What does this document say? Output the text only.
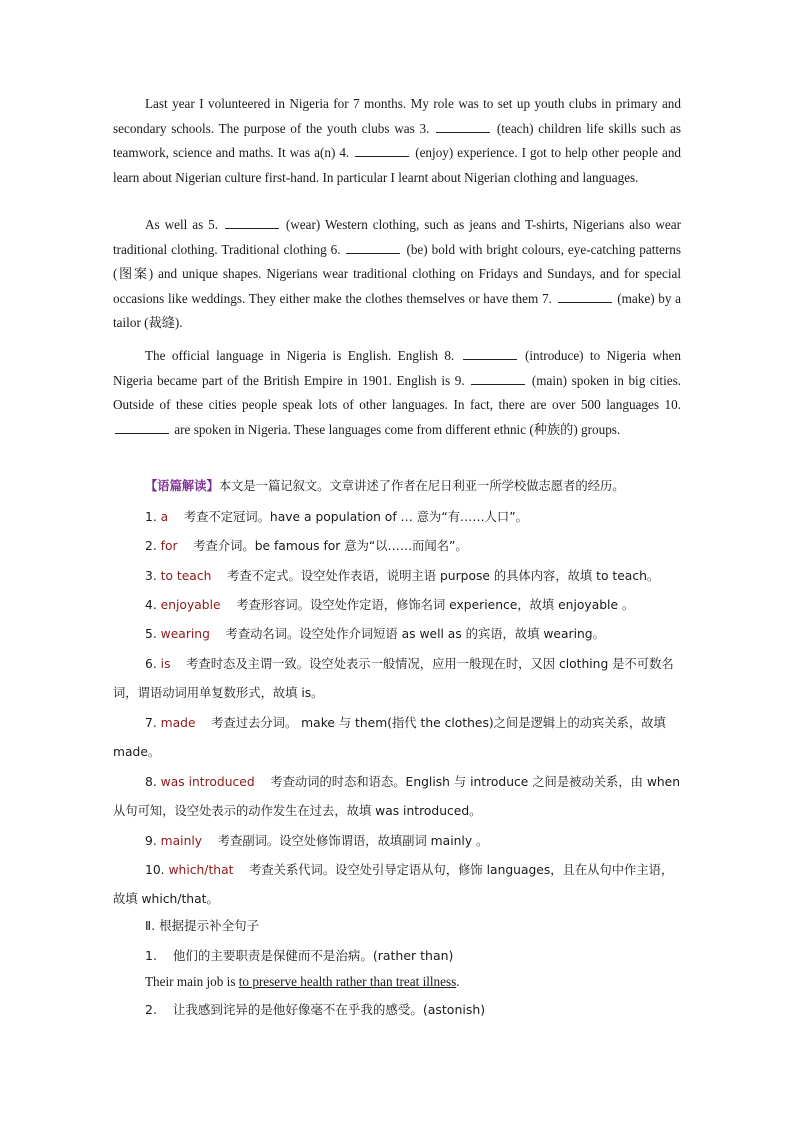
Last year I volunteered in Nigeria for 7 months. My role was to set up youth clubs in primary and secondary schools. The purpose of the youth clubs was 3.	(teach) children life skills such as teamwork, science and maths. It was a(n) 4.	(enjoy) experience. I got to help other people and learn about Nigerian culture first-hand. In particular I learnt about Nigerian clothing and languages.

As well as 5.	(wear) Western clothing, such as jeans and T-shirts, Nigerians also wear traditional clothing. Traditional clothing 6.	(be) bold with bright colours, eye-catching patterns (图案) and unique shapes. Nigerians wear traditional clothing on Fridays and Sundays, and for special occasions like weddings. They either make the clothes themselves or have them 7.	(make) by a tailor (裁缝).

The official language in Nigeria is English. English 8.	(introduce) to Nigeria when Nigeria became part of the British Empire in 1901. English is 9.	(main) spoken in big cities. Outside of these cities people speak lots of other languages. In fact, there are over 500 languages 10.  are spoken in Nigeria. These languages come from different ethnic (种族的) groups.

【语篇解读】本文是一篇记叙文。文章讲述了作者在尼日利亚一所学校做志愿者的经历。

1. a 考查不定冠词。have a population of … 意为“有……人口”。

2. for 考查介词。be famous for 意为“以……而闻名”。

3. to teach 考查不定式。设空处作表语，说明主语 purpose 的具体内容，故填 to teach。

4. enjoyable 考查形容词。设空处作定语，修饰名词 experience，故填 enjoyable 。

5. wearing 考查动名词。设空处作介词短语 as well as 的宾语，故填 wearing。

6. is 考查时态及主谓一致。设空处表示一般情况，应用一般现在时，又因 clothing 是不可数名词，谓语动词用单复数形式，故填 is。

7. made 考查过去分词。 make 与 them(指代 the clothes)之间是逻辑上的动宾关系，故填 made。

8. was introduced 考查动词的时态和语态。English 与 introduce 之间是被动关系，由 when 从句可知，设空处表示的动作发生在过去，故填 was introduced。

9. mainly 考查副词。设空处修饰谓语，故填副词 mainly 。

10. which/that 考查关系代词。设空处引导定语从句，修饰 languages，且在从句中作主语，故填 which/that。

Ⅱ. 根据提示补全句子
1. 他们的主要职责是保健而不是治病。(rather than)
Their main job is to preserve health rather than treat illness.
2. 让我感到诧异的是他好像毫不在乎我的感受。(astonish)
